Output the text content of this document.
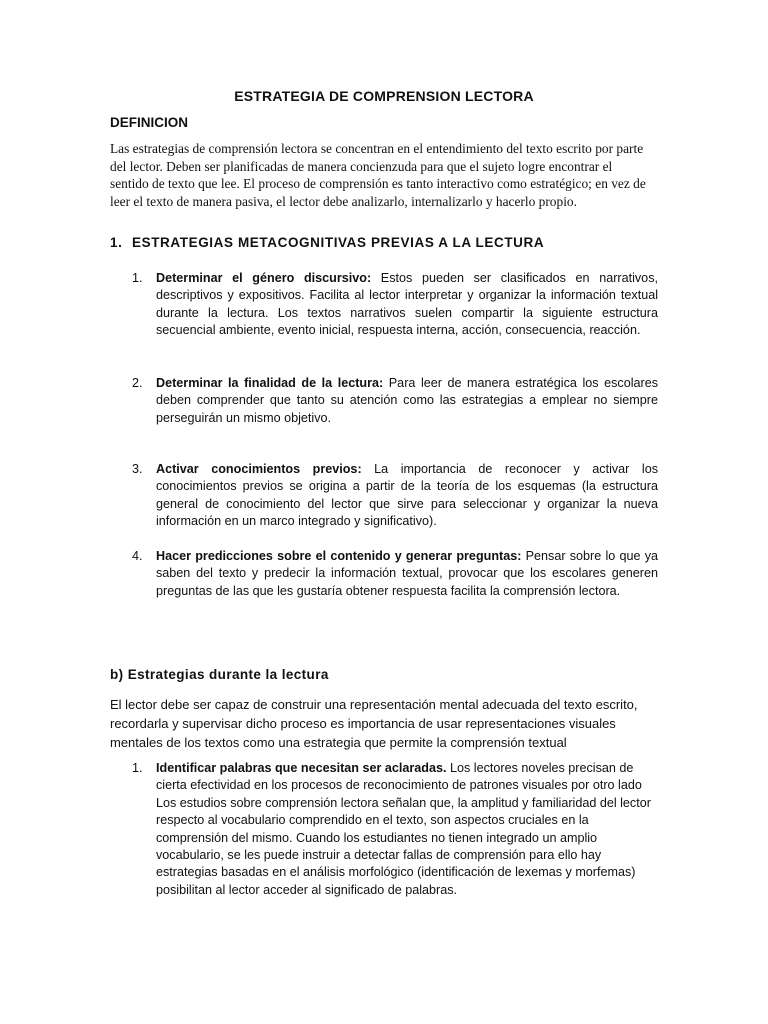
ESTRATEGIA DE COMPRENSION LECTORA
DEFINICION
Las estrategias de comprensión lectora se concentran en el entendimiento del texto escrito por parte del lector. Deben ser planificadas de manera concienzuda para que el sujeto logre encontrar el sentido de texto que lee. El proceso de comprensión es tanto interactivo como estratégico; en vez de leer el texto de manera pasiva, el lector debe analizarlo, internalizarlo y hacerlo propio.
1. ESTRATEGIAS METACOGNITIVAS PREVIAS A LA LECTURA
1. Determinar el género discursivo: Estos pueden ser clasificados en narrativos, descriptivos y expositivos. Facilita al lector interpretar y organizar la información textual durante la lectura. Los textos narrativos suelen compartir la siguiente estructura secuencial ambiente, evento inicial, respuesta interna, acción, consecuencia, reacción.
2. Determinar la finalidad de la lectura: Para leer de manera estratégica los escolares deben comprender que tanto su atención como las estrategias a emplear no siempre perseguirán un mismo objetivo.
3. Activar conocimientos previos: La importancia de reconocer y activar los conocimientos previos se origina a partir de la teoría de los esquemas (la estructura general de conocimiento del lector que sirve para seleccionar y organizar la nueva información en un marco integrado y significativo).
4. Hacer predicciones sobre el contenido y generar preguntas: Pensar sobre lo que ya saben del texto y predecir la información textual, provocar que los escolares generen preguntas de las que les gustaría obtener respuesta facilita la comprensión lectora.
b) Estrategias durante la lectura
El lector debe ser capaz de construir una representación mental adecuada del texto escrito, recordarla y supervisar dicho proceso es importancia de usar representaciones visuales mentales de los textos como una estrategia que permite la comprensión textual
1. Identificar palabras que necesitan ser aclaradas. Los lectores noveles precisan de cierta efectividad en los procesos de reconocimiento de patrones visuales por otro lado Los estudios sobre comprensión lectora señalan que, la amplitud y familiaridad del lector respecto al vocabulario comprendido en el texto, son aspectos cruciales en la comprensión del mismo. Cuando los estudiantes no tienen integrado un amplio vocabulario, se les puede instruir a detectar fallas de comprensión para ello hay estrategias basadas en el análisis morfológico (identificación de lexemas y morfemas) posibilitan al lector acceder al significado de palabras.
